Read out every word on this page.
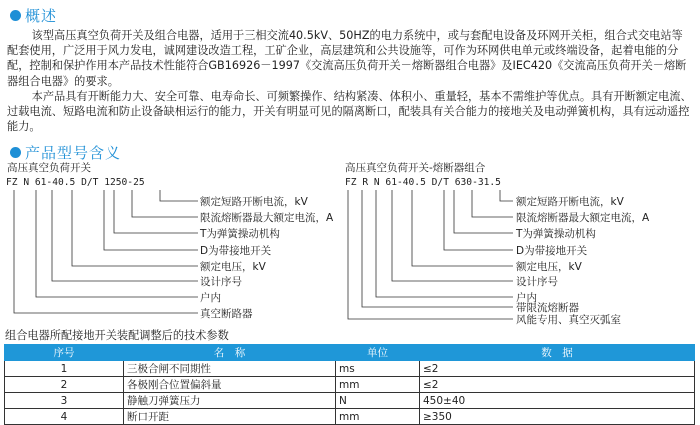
概述

该型高压真空负荷开关及组合电器，适用于三相交流40.5kV、50HZ的电力系统中，或与套配电设备及环网开关柜，组合式交电站等配套使用，广泛用于风力发电，诚网建设改造工程，工矿企业，高层建筑和公共设施等，可作为环网供电单元或终端设备，起着电能的分配，控制和保护作用本产品技术性能符合GB16926－1997《交流高压负荷开关－熔断器组合电器》及IEC420《交流高压负荷开关－熔断器组合电器》的要求。

本产品具有开断能力大、安全可靠、电寿命长、可频繁操作、结构紧凑、体积小、重量轻，基本不需维护等优点。具有开断额定电流、过载电流、短路电流和防止设备缺相运行的能力，开关有明显可见的隔离断口，配装具有关合能力的接地关及电动弹簧机构，具有远动遥控能力。

产品型号含义
高压真空负荷开关
FZ N 61-40.5 D/T 1250-25
高压真空负荷开关-熔断器组合
FZ R N 61-40.5 D/T 630-31.5
额定短路开断电流，kV
限流熔断器最大额定电流，A
T为弹簧操动机构
D为带接地开关
额定电压，kV
设计序号
户内
真空断路器
额定短路开断电流，kV
限流熔断器最大额定电流，A
T为弹簧操动机构
D为带接地开关
额定电压，kV
设计序号
户内
带限流熔断器
风能专用、真空灭弧室
组合电器所配接地开关装配调整后的技术参数
序号	名　称	单位	数　据
1	三极合闸不同期性	ms	≤2
2	各极刚合位置偏斜量	mm	≤2
3	静触刀弹簧压力	N	450±40
4	断口开距	mm	≥350
